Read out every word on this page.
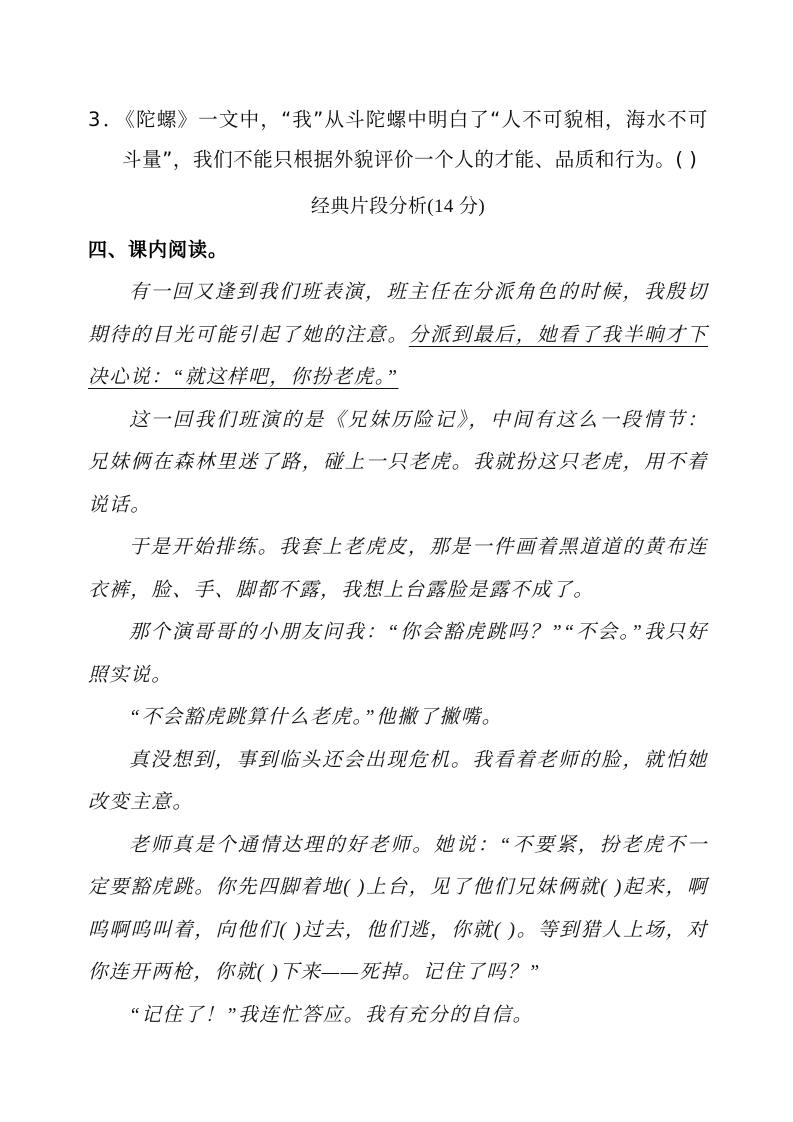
3．《陀螺》一文中，“我”从斗陀螺中明白了“人不可貌相，海水不可斗量”，我们不能只根据外貌评价一个人的才能、品质和行为。( )

经典片段分析(14 分)
四、课内阅读。

有一回又逢到我们班表演，班主任在分派角色的时候，我殷切期待的目光可能引起了她的注意。分派到最后，她看了我半晌才下决心说：“就这样吧，你扮老虎。”

这一回我们班演的是《兄妹历险记》，中间有这么一段情节：兄妹俩在森林里迷了路，碰上一只老虎。我就扮这只老虎，用不着说话。

于是开始排练。我套上老虎皮，那是一件画着黑道道的黄布连衣裤，脸、手、脚都不露，我想上台露脸是露不成了。

那个演哥哥的小朋友问我：“你会豁虎跳吗？”“不会。”我只好照实说。

“不会豁虎跳算什么老虎。”他撇了撇嘴。

真没想到，事到临头还会出现危机。我看着老师的脸，就怕她改变主意。

老师真是个通情达理的好老师。她说：“不要紧，扮老虎不一定要豁虎跳。你先四脚着地( )上台，见了他们兄妹俩就( )起来，啊呜啊呜叫着，向他们( )过去，他们逃，你就( )。等到猎人上场，对你连开两枪，你就( )下来——死掉。记住了吗？”

“记住了！”我连忙答应。我有充分的自信。
